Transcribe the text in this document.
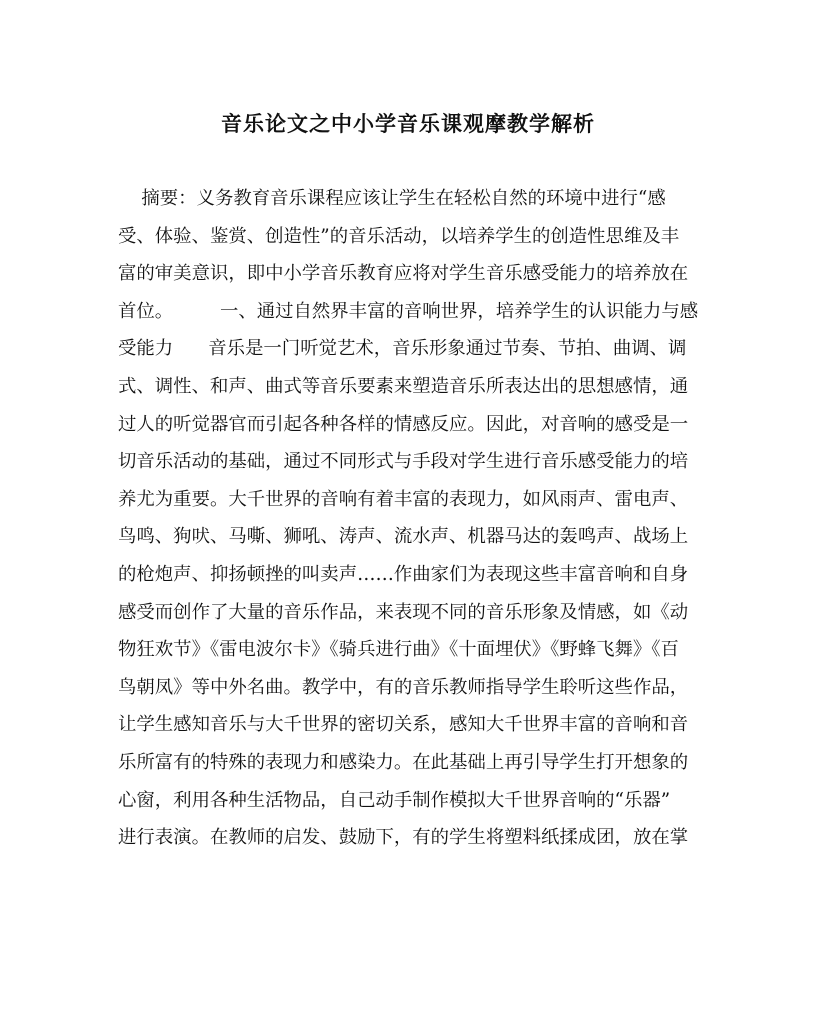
音乐论文之中小学音乐课观摩教学解析
摘要：义务教育音乐课程应该让学生在轻松自然的环境中进行“感
受、体验、鉴赏、创造性”的音乐活动，以培养学生的创造性思维及丰
富的审美意识，即中小学音乐教育应将对学生音乐感受能力的培养放在
首位。        一、通过自然界丰富的音响世界，培养学生的认识能力与感
受能力      音乐是一门听觉艺术，音乐形象通过节奏、节拍、曲调、调
式、调性、和声、曲式等音乐要素来塑造音乐所表达出的思想感情，通
过人的听觉器官而引起各种各样的情感反应。因此，对音响的感受是一
切音乐活动的基础，通过不同形式与手段对学生进行音乐感受能力的培
养尤为重要。大千世界的音响有着丰富的表现力，如风雨声、雷电声、
鸟鸣、狗吠、马嘶、狮吼、涛声、流水声、机器马达的轰鸣声、战场上
的枪炮声、抑扬顿挫的叫卖声……作曲家们为表现这些丰富音响和自身
感受而创作了大量的音乐作品，来表现不同的音乐形象及情感，如《动
物狂欢节》《雷电波尔卡》《骑兵进行曲》《十面埋伏》《野蜂飞舞》《百
鸟朝凤》等中外名曲。教学中，有的音乐教师指导学生聆听这些作品，
让学生感知音乐与大千世界的密切关系，感知大千世界丰富的音响和音
乐所富有的特殊的表现力和感染力。在此基础上再引导学生打开想象的
心窗，利用各种生活物品，自己动手制作模拟大千世界音响的“乐器”
进行表演。在教师的启发、鼓励下，有的学生将塑料纸揉成团，放在掌
